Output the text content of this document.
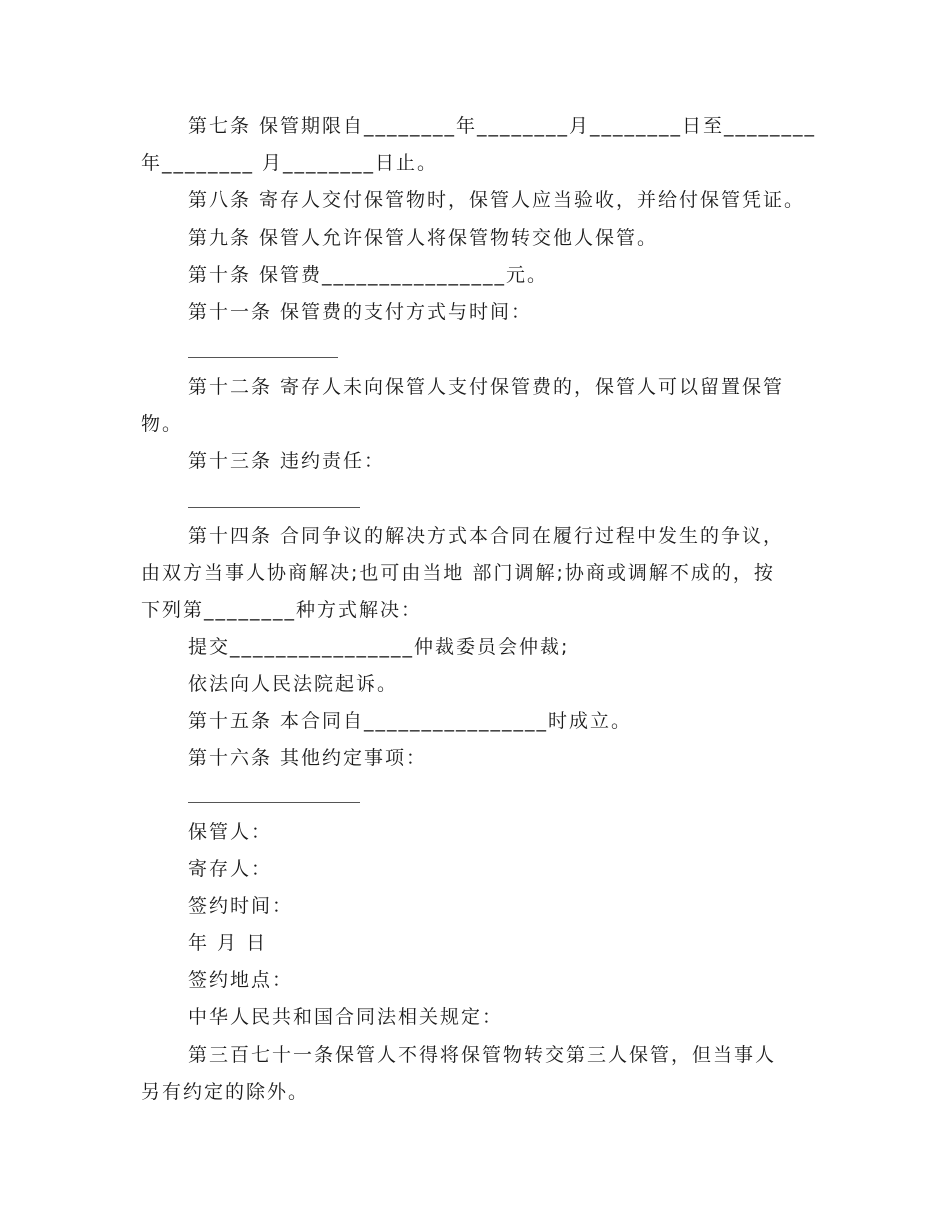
第七条 保管期限自________年________月________日至________
年________ 月________日止。
第八条 寄存人交付保管物时，保管人应当验收，并给付保管凭证。
第九条 保管人允许保管人将保管物转交他人保管。
第十条 保管费________________元。
第十一条 保管费的支付方式与时间：
第十二条 寄存人未向保管人支付保管费的，保管人可以留置保管
物。
第十三条 违约责任：
第十四条 合同争议的解决方式本合同在履行过程中发生的争议，
由双方当事人协商解决;也可由当地 部门调解;协商或调解不成的，按
下列第________种方式解决：
提交________________仲裁委员会仲裁;
依法向人民法院起诉。
第十五条 本合同自________________时成立。
第十六条 其他约定事项：
保管人：
寄存人：
签约时间：
年 月 日
签约地点：
中华人民共和国合同法相关规定：
第三百七十一条保管人不得将保管物转交第三人保管，但当事人
另有约定的除外。
